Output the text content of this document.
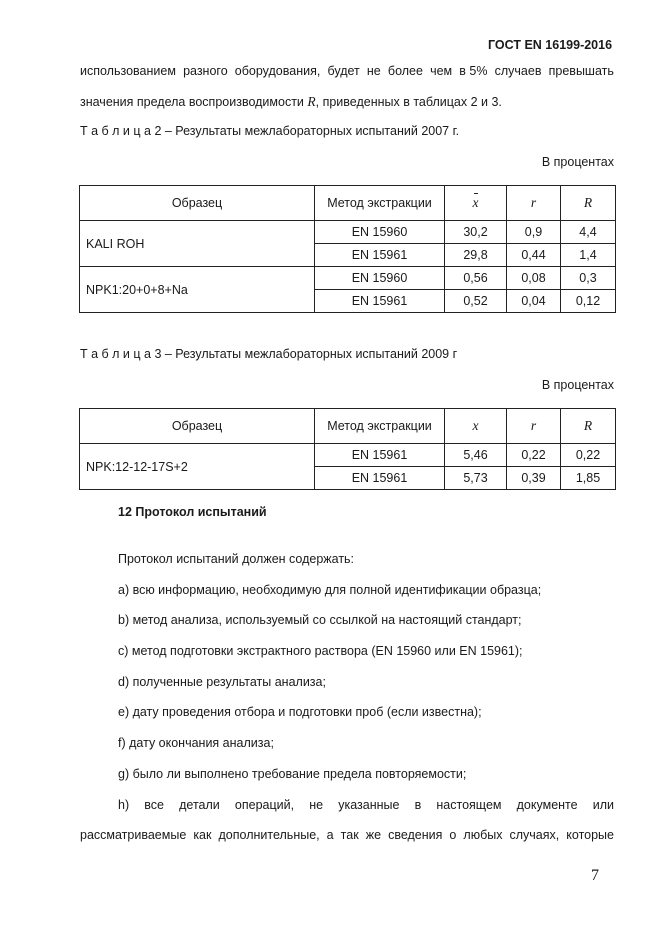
ГОСТ EN 16199-2016
использованием разного оборудования, будет не более чем в 5% случаев превышать
значения предела воспроизводимости R, приведенных в таблицах 2 и 3.
Т а б л и ц а 2 – Результаты межлабораторных испытаний 2007 г.
В процентах
Образец	Метод экстракции	x	r	R
KALI ROH	EN 15960	30,2	0,9	4,4
	EN 15961	29,8	0,44	1,4
NPK1:20+0+8+Na	EN 15960	0,56	0,08	0,3
	EN 15961	0,52	0,04	0,12
Т а б л и ц а 3 – Результаты межлабораторных испытаний 2009 г
В процентах
Образец	Метод экстракции	x	r	R
NPK:12-12-17S+2	EN 15961	5,46	0,22	0,22
	EN 15961	5,73	0,39	1,85
12 Протокол испытаний
Протокол испытаний должен содержать:
a) всю информацию, необходимую для полной идентификации образца;
b) метод анализа, используемый со ссылкой на настоящий стандарт;
c) метод подготовки экстрактного раствора (EN 15960 или EN 15961);
d) полученные результаты анализа;
e) дату проведения отбора и подготовки проб (если известна);
f) дату окончания анализа;
g) было ли выполнено требование предела повторяемости;
h) все детали операций, не указанные в настоящем документе или
рассматриваемые как дополнительные, а так же сведения о любых случаях, которые
7
